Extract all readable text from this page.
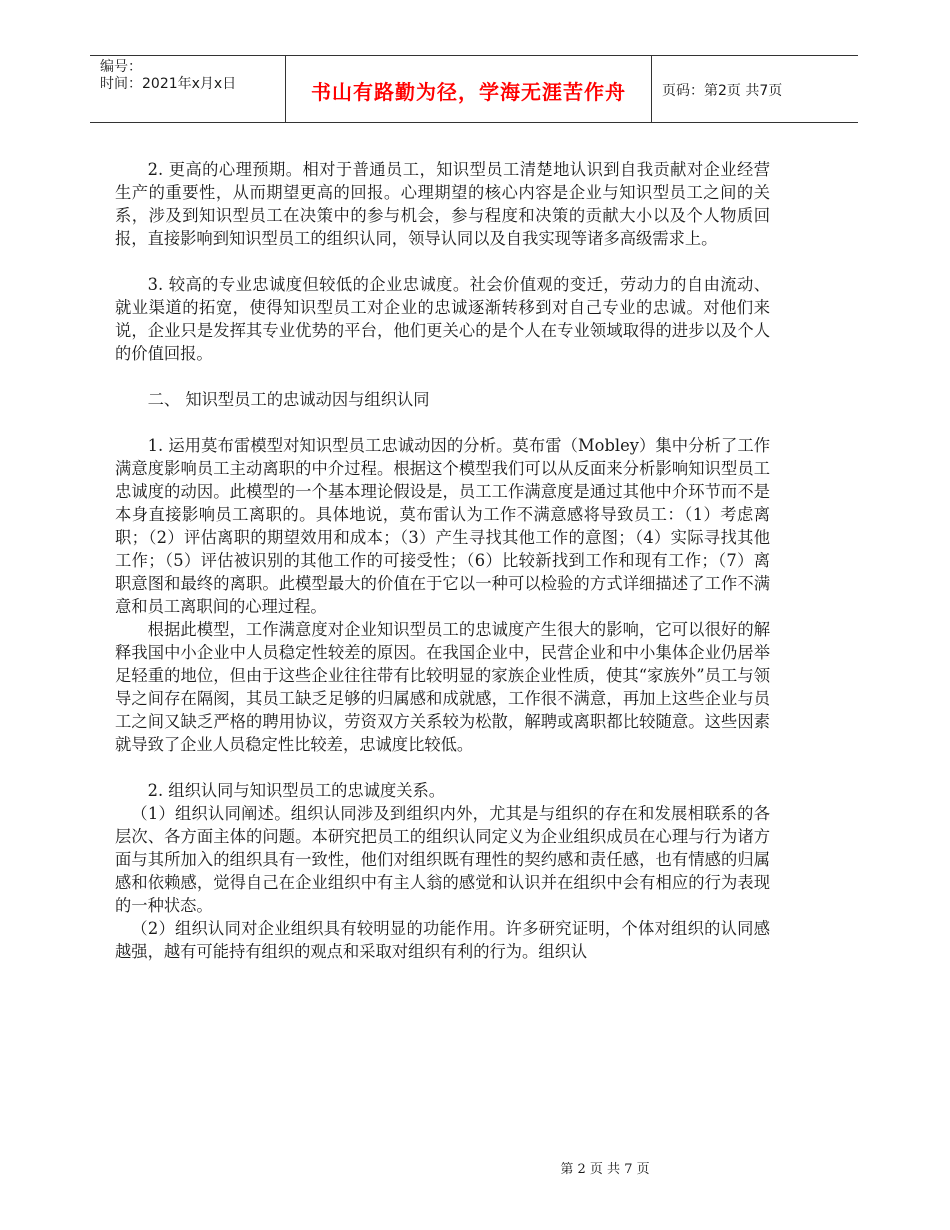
编号：
时间：2021年x月x日	书山有路勤为径，学海无涯苦作舟	页码：第2页 共7页

2. 更高的心理预期。相对于普通员工，知识型员工清楚地认识到自我贡献对企业经营生产的重要性，从而期望更高的回报。心理期望的核心内容是企业与知识型员工之间的关系，涉及到知识型员工在决策中的参与机会，参与程度和决策的贡献大小以及个人物质回报，直接影响到知识型员工的组织认同，领导认同以及自我实现等诸多高级需求上。

3. 较高的专业忠诚度但较低的企业忠诚度。社会价值观的变迁，劳动力的自由流动、就业渠道的拓宽，使得知识型员工对企业的忠诚逐渐转移到对自己专业的忠诚。对他们来说，企业只是发挥其专业优势的平台，他们更关心的是个人在专业领域取得的进步以及个人的价值回报。

二、 知识型员工的忠诚动因与组织认同

1. 运用莫布雷模型对知识型员工忠诚动因的分析。莫布雷（Mobley）集中分析了工作满意度影响员工主动离职的中介过程。根据这个模型我们可以从反面来分析影响知识型员工忠诚度的动因。此模型的一个基本理论假设是，员工工作满意度是通过其他中介环节而不是本身直接影响员工离职的。具体地说，莫布雷认为工作不满意感将导致员工：（1）考虑离职；（2）评估离职的期望效用和成本；（3）产生寻找其他工作的意图；（4）实际寻找其他工作；（5）评估被识别的其他工作的可接受性；（6）比较新找到工作和现有工作；（7）离职意图和最终的离职。此模型最大的价值在于它以一种可以检验的方式详细描述了工作不满意和员工离职间的心理过程。

根据此模型，工作满意度对企业知识型员工的忠诚度产生很大的影响，它可以很好的解释我国中小企业中人员稳定性较差的原因。在我国企业中，民营企业和中小集体企业仍居举足轻重的地位，但由于这些企业往往带有比较明显的家族企业性质，使其“家族外”员工与领导之间存在隔阂，其员工缺乏足够的归属感和成就感，工作很不满意，再加上这些企业与员工之间又缺乏严格的聘用协议，劳资双方关系较为松散，解聘或离职都比较随意。这些因素就导致了企业人员稳定性比较差，忠诚度比较低。

2. 组织认同与知识型员工的忠诚度关系。

（1）组织认同阐述。组织认同涉及到组织内外，尤其是与组织的存在和发展相联系的各层次、各方面主体的问题。本研究把员工的组织认同定义为企业组织成员在心理与行为诸方面与其所加入的组织具有一致性，他们对组织既有理性的契约感和责任感，也有情感的归属感和依赖感，觉得自己在企业组织中有主人翁的感觉和认识并在组织中会有相应的行为表现的一种状态。

（2）组织认同对企业组织具有较明显的功能作用。许多研究证明，个体对组织的认同感越强，越有可能持有组织的观点和采取对组织有利的行为。组织认

第 2 页 共 7 页
